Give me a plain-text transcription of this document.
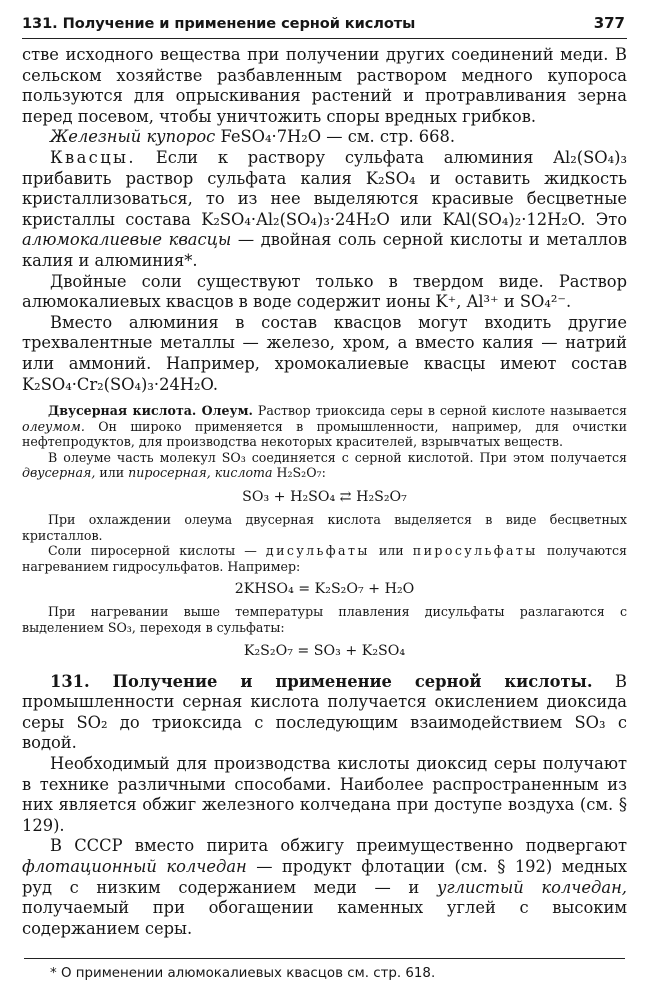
131. Получение и применение серной кислоты	377

стве исходного вещества при получении других соединений меди. В сельском хозяйстве разбавленным раствором медного купороса пользуются для опрыскивания растений и протравливания зерна перед посевом, чтобы уничтожить споры вредных грибков.

Железный купорос FeSO₄·7H₂O — см. стр. 668.

Квасцы. Если к раствору сульфата алюминия Al₂(SO₄)₃ прибавить раствор сульфата калия K₂SO₄ и оставить жидкость кристаллизоваться, то из нее выделяются красивые бесцветные кристаллы состава K₂SO₄·Al₂(SO₄)₃·24H₂O или KAl(SO₄)₂·12H₂O. Это алюмокалиевые квасцы — двойная соль серной кислоты и металлов калия и алюминия*.

Двойные соли существуют только в твердом виде. Раствор алюмокалиевых квасцов в воде содержит ионы K⁺, Al³⁺ и SO₄²⁻.

Вместо алюминия в состав квасцов могут входить другие трехвалентные металлы — железо, хром, а вместо калия — натрий или аммоний. Например, хромокалиевые квасцы имеют состав K₂SO₄·Cr₂(SO₄)₃·24H₂O.

Двусерная кислота. Олеум. Раствор триоксида серы в серной кислоте называется олеумом. Он широко применяется в промышленности, например, для очистки нефтепродуктов, для производства некоторых красителей, взрывчатых веществ.

В олеуме часть молекул SO₃ соединяется с серной кислотой. При этом получается двусерная, или пиросерная, кислота H₂S₂O₇:

SO₃ + H₂SO₄ ⇄ H₂S₂O₇

При охлаждении олеума двусерная кислота выделяется в виде бесцветных кристаллов.

Соли пиросерной кислоты — дисульфаты или пиросульфаты получаются нагреванием гидросульфатов. Например:

2KHSO₄ = K₂S₂O₇ + H₂O

При нагревании выше температуры плавления дисульфаты разлагаются с выделением SO₃, переходя в сульфаты:

K₂S₂O₇ = SO₃ + K₂SO₄

131. Получение и применение серной кислоты. В промышленности серная кислота получается окислением диоксида серы SO₂ до триоксида с последующим взаимодействием SO₃ с водой.

Необходимый для производства кислоты диоксид серы получают в технике различными способами. Наиболее распространенным из них является обжиг железного колчедана при доступе воздуха (см. § 129).

В СССР вместо пирита обжигу преимущественно подвергают флотационный колчедан — продукт флотации (см. § 192) медных руд с низким содержанием меди — и углистый колчедан, получаемый при обогащении каменных углей с высоким содержанием серы.

* О применении алюмокалиевых квасцов см. стр. 618.
